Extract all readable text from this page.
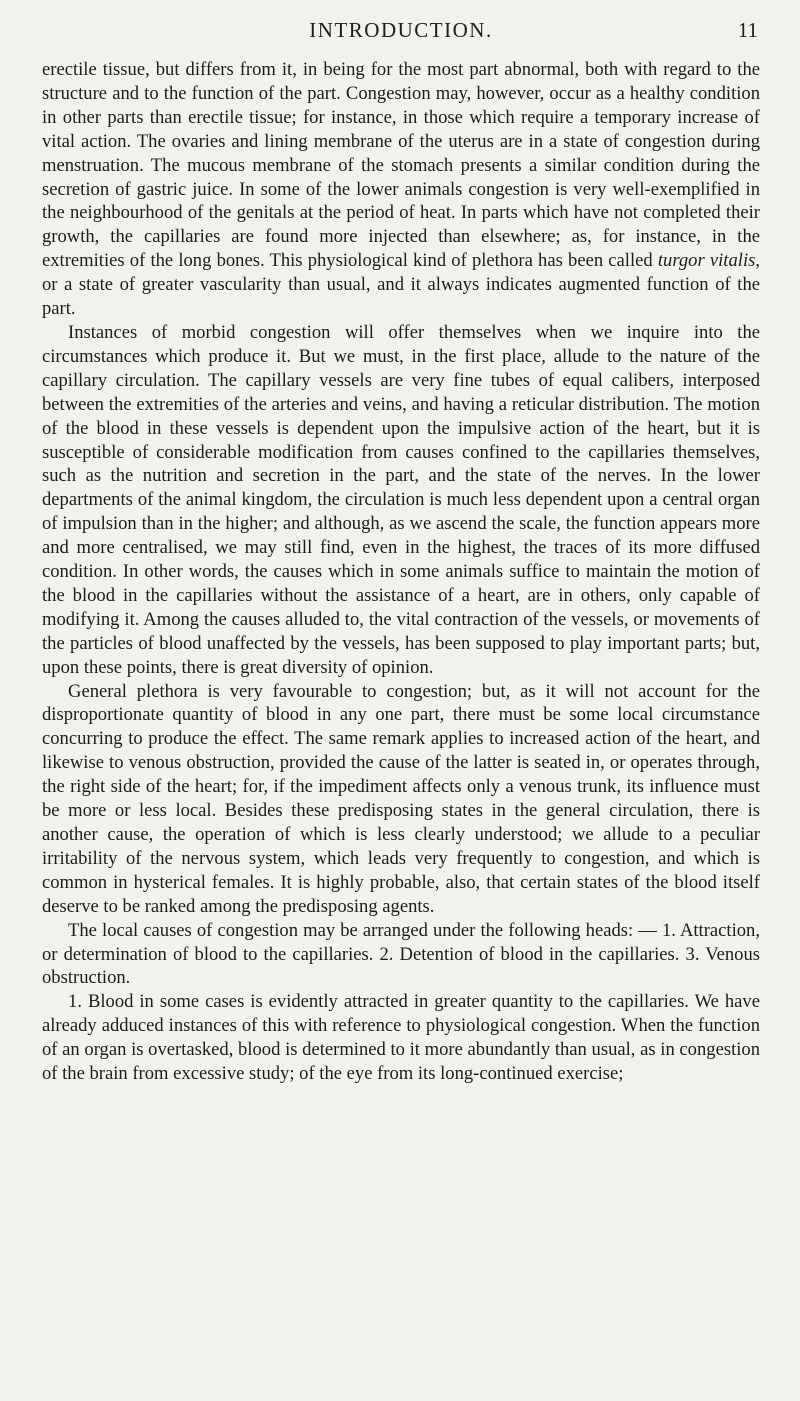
INTRODUCTION.	11

erectile tissue, but differs from it, in being for the most part abnormal, both with regard to the structure and to the function of the part. Congestion may, however, occur as a healthy condition in other parts than erectile tissue; for instance, in those which require a temporary increase of vital action. The ovaries and lining membrane of the uterus are in a state of congestion during menstruation. The mucous membrane of the stomach presents a similar condition during the secretion of gastric juice. In some of the lower animals congestion is very well-exemplified in the neighbourhood of the genitals at the period of heat. In parts which have not completed their growth, the capillaries are found more injected than elsewhere; as, for instance, in the extremities of the long bones. This physiological kind of plethora has been called turgor vitalis, or a state of greater vascularity than usual, and it always indicates augmented function of the part.

Instances of morbid congestion will offer themselves when we inquire into the circumstances which produce it. But we must, in the first place, allude to the nature of the capillary circulation. The capillary vessels are very fine tubes of equal calibers, interposed between the extremities of the arteries and veins, and having a reticular distribution. The motion of the blood in these vessels is dependent upon the impulsive action of the heart, but it is susceptible of considerable modification from causes confined to the capillaries themselves, such as the nutrition and secretion in the part, and the state of the nerves. In the lower departments of the animal kingdom, the circulation is much less dependent upon a central organ of impulsion than in the higher; and although, as we ascend the scale, the function appears more and more centralised, we may still find, even in the highest, the traces of its more diffused condition. In other words, the causes which in some animals suffice to maintain the motion of the blood in the capillaries without the assistance of a heart, are in others, only capable of modifying it. Among the causes alluded to, the vital contraction of the vessels, or movements of the particles of blood unaffected by the vessels, has been supposed to play important parts; but, upon these points, there is great diversity of opinion.

General plethora is very favourable to congestion; but, as it will not account for the disproportionate quantity of blood in any one part, there must be some local circumstance concurring to produce the effect. The same remark applies to increased action of the heart, and likewise to venous obstruction, provided the cause of the latter is seated in, or operates through, the right side of the heart; for, if the impediment affects only a venous trunk, its influence must be more or less local. Besides these predisposing states in the general circulation, there is another cause, the operation of which is less clearly understood; we allude to a peculiar irritability of the nervous system, which leads very frequently to congestion, and which is common in hysterical females. It is highly probable, also, that certain states of the blood itself deserve to be ranked among the predisposing agents.

The local causes of congestion may be arranged under the following heads: — 1. Attraction, or determination of blood to the capillaries. 2. Detention of blood in the capillaries. 3. Venous obstruction.

1. Blood in some cases is evidently attracted in greater quantity to the capillaries. We have already adduced instances of this with reference to physiological congestion. When the function of an organ is overtasked, blood is determined to it more abundantly than usual, as in congestion of the brain from excessive study; of the eye from its long-continued exercise;
